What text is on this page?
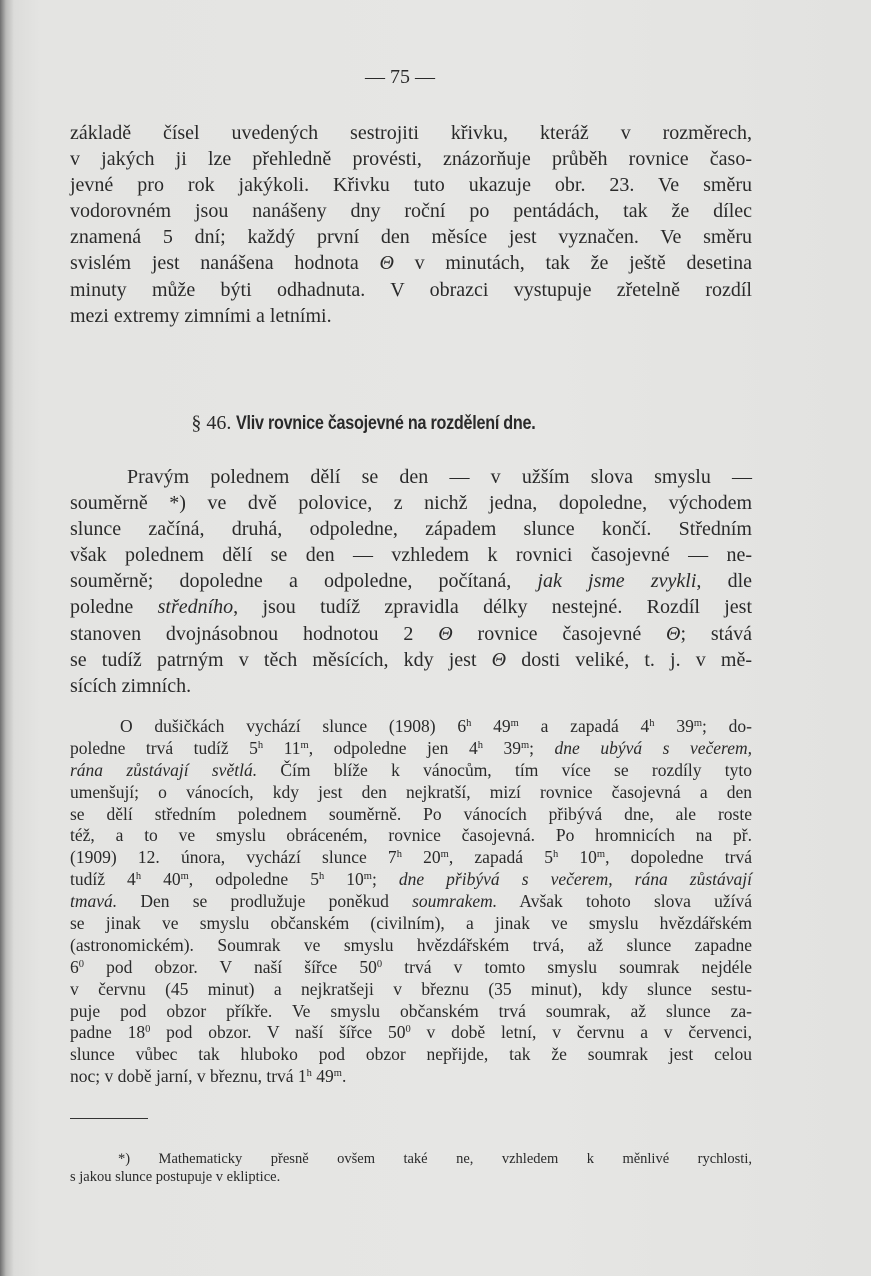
— 75 —
základě čísel uvedených sestrojiti křivku, kteráž v rozměrech,
v jakých ji lze přehledně provésti, znázorňuje průběh rovnice časo-
jevné pro rok jakýkoli. Křivku tuto ukazuje obr. 23. Ve směru
vodorovném jsou nanášeny dny roční po pentádách, tak že dílec
znamená 5 dní; každý první den měsíce jest vyznačen. Ve směru
svislém jest nanášena hodnota Θ v minutách, tak že ještě desetina
minuty může býti odhadnuta. V obrazci vystupuje zřetelně rozdíl
mezi extremy zimními a letními.
§ 46. Vliv rovnice časojevné na rozdělení dne.
Pravým polednem dělí se den — v užším slova smyslu —
souměrně *) ve dvě polovice, z nichž jedna, dopoledne, východem
slunce začíná, druhá, odpoledne, západem slunce končí. Středním
však polednem dělí se den — vzhledem k rovnici časojevné — ne-
souměrně; dopoledne a odpoledne, počítaná, jak jsme zvykli, dle
poledne středního, jsou tudíž zpravidla délky nestejné. Rozdíl jest
stanoven dvojnásobnou hodnotou 2 Θ rovnice časojevné Θ; stává
se tudíž patrným v těch měsících, kdy jest Θ dosti veliké, t. j. v mě-
sících zimních.
O dušičkách vychází slunce (1908) 6$^h$ 49$^m$ a zapadá 4$^h$ 39$^m$; do-
poledne trvá tudíž 5$^h$ 11$^m$, odpoledne jen 4$^h$ 39$^m$; dne ubývá s večerem,
rána zůstávají světlá. Čím blíže k vánocům, tím více se rozdíly tyto
umenšují; o vánocích, kdy jest den nejkratší, mizí rovnice časojevná a den
se dělí středním polednem souměrně. Po vánocích přibývá dne, ale roste
též, a to ve smyslu obráceném, rovnice časojevná. Po hromnicích na př.
(1909) 12. února, vychází slunce 7$^h$ 20$^m$, zapadá 5$^h$ 10$^m$, dopoledne trvá
tudíž 4$^h$ 40$^m$, odpoledne 5$^h$ 10$^m$; dne přibývá s večerem, rána zůstávají
tmavá. Den se prodlužuje poněkud soumrakem. Avšak tohoto slova užívá
se jinak ve smyslu občanském (civilním), a jinak ve smyslu hvězdářském
(astronomickém). Soumrak ve smyslu hvězdářském trvá, až slunce zapadne
$6^0$ pod obzor. V naší šířce $50^0$ trvá v tomto smyslu soumrak nejdéle
v červnu (45 minut) a nejkratšeji v březnu (35 minut), kdy slunce sestu-
puje pod obzor příkře. Ve smyslu občanském trvá soumrak, až slunce za-
padne $18^0$ pod obzor. V naší šířce $50^0$ v době letní, v červnu a v červenci,
slunce vůbec tak hluboko pod obzor nepřijde, tak že soumrak jest celou
noc; v době jarní, v březnu, trvá 1$^h$ 49$^m$.
*) Mathematicky přesně ovšem také ne, vzhledem k měnlivé rychlosti,
s jakou slunce postupuje v ekliptice.
